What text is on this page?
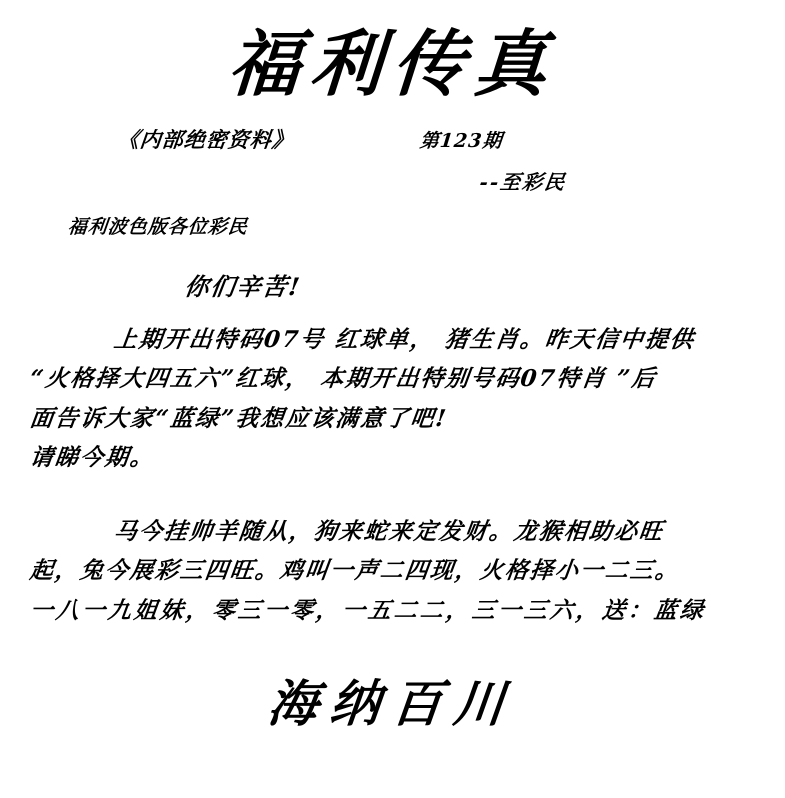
福利传真
《内部绝密资料》	第123期
--至彩民
福利波色版各位彩民
你们辛苦!
上期开出特码07号 红球单， 猪生肖。昨天信中提供
“火格择大四五六”红球， 本期开出特别号码07特肖 ”后
面告诉大家“蓝绿”我想应该满意了吧!
请睇今期。
马今挂帅羊随从，狗来蛇来定发财。龙猴相助必旺
起，兔今展彩三四旺。鸡叫一声二四现，火格择小一二三。
一八一九姐妹，零三一零，一五二二，三一三六，送：蓝绿
海纳百川
